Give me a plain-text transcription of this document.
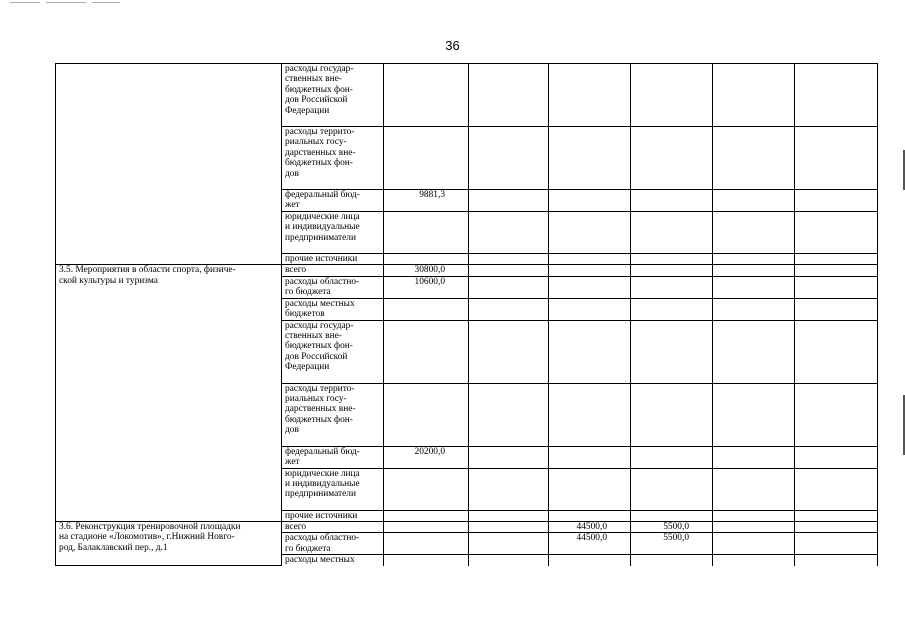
36
	расходы государ-
ственных вне-
бюджетных фон-
дов Российской
Федерации						
	расходы террито-
риальных госу-
дарственных вне-
бюджетных фон-
дов						
	федеральный бюд-
жет	9881,3					
	юридические лица
и индивидуальные
предприниматели						
	прочие источники						
3.5. Мероприятия в области спорта, физиче-
ской культуры и туризма	всего	30800,0					
	расходы областно-
го бюджета	10600,0					
	расходы местных
бюджетов						
	расходы государ-
ственных вне-
бюджетных фон-
дов Российской
Федерации						
	расходы террито-
риальных госу-
дарственных вне-
бюджетных фон-
дов						
	федеральный бюд-
жет	20200,0					
	юридические лица
и индивидуальные
предприниматели						
	прочие источники						
3.6. Реконструкция тренировочной площадки
на стадионе «Локомотив», г.Нижний Новго-
род, Балаклавский пер., д.1	всего			44500,0	5500,0		
	расходы областно-
го бюджета			44500,0	5500,0		
	расходы местных						
